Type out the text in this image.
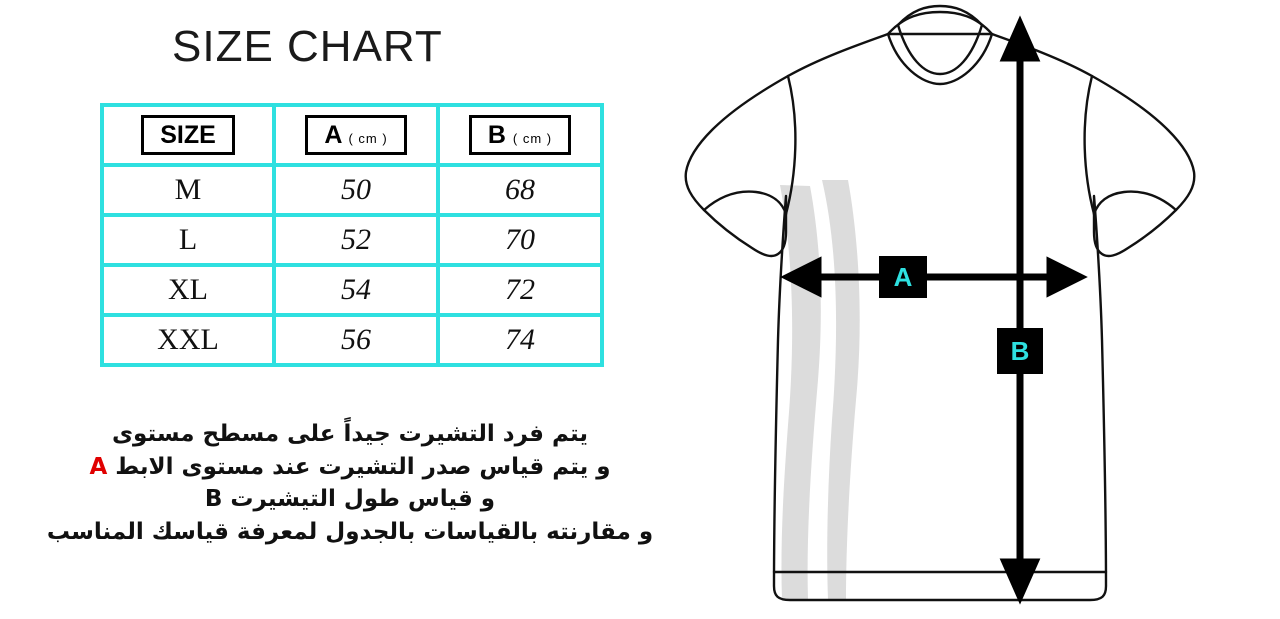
SIZE CHART
SIZE	A ( cm )	B ( cm )
M	50	68
L	52	70
XL	54	72
XXL	56	74
يتم فرد التشيرت جيداً على مسطح مستوى
و يتم قياس صدر التشيرت عند مستوى الابط A
و قياس طول التيشيرت B
و مقارنته بالقياسات بالجدول لمعرفة قياسك المناسب
A
B
